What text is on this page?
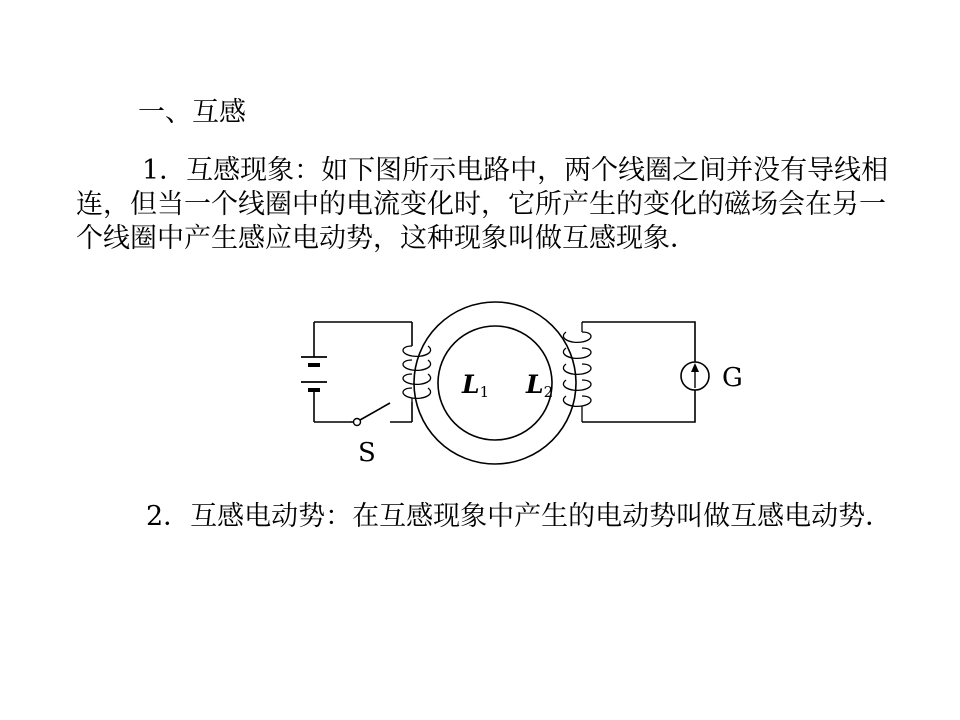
一、互感

1．互感现象：如下图所示电路中，两个线圈之间并没有导线相连，但当一个线圈中的电流变化时，它所产生的变化的磁场会在另一个线圈中产生感应电动势，这种现象叫做互感现象．

S
L1 L2	G

2．互感电动势：在互感现象中产生的电动势叫做互感电动势．
